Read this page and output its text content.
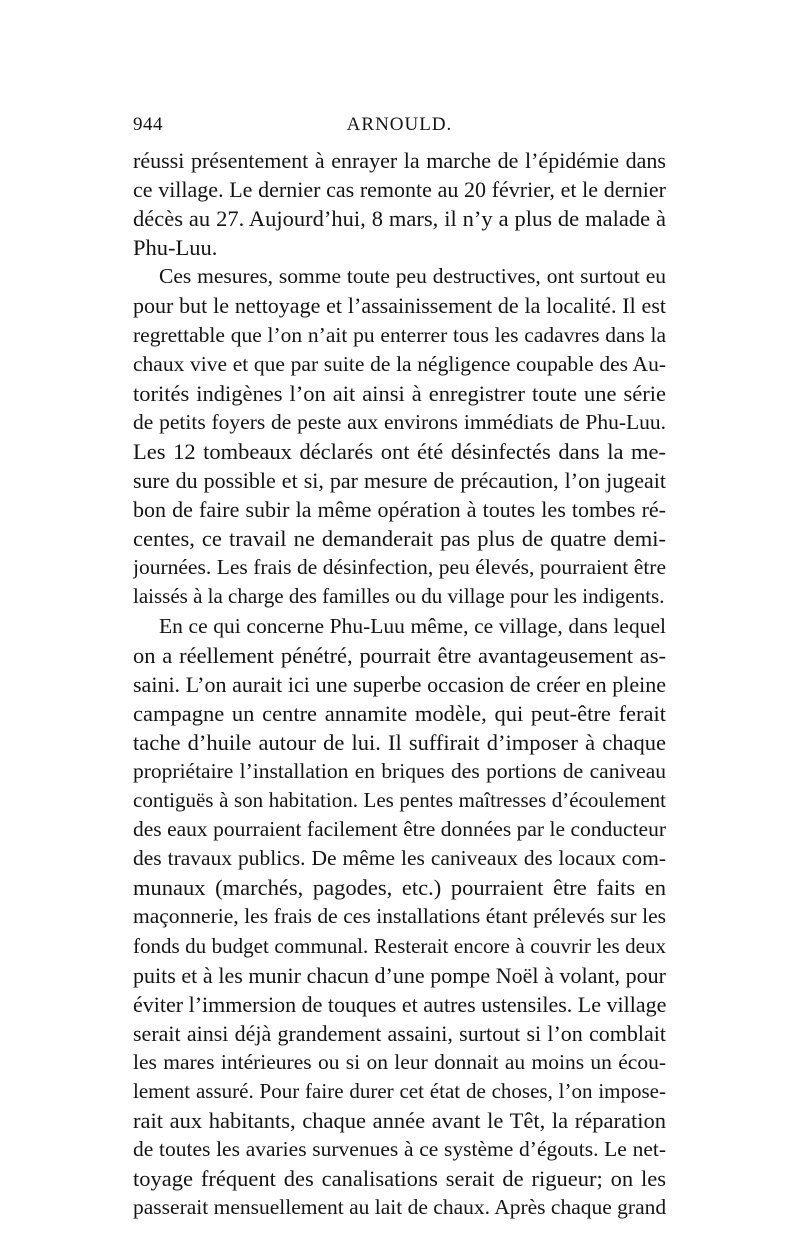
944	ARNOULD.
réussi présentement à enrayer la marche de l’épidémie dans
ce village. Le dernier cas remonte au 20 février, et le dernier
décès au 27. Aujourd’hui, 8 mars, il n’y a plus de malade à
Phu-Luu.
Ces mesures, somme toute peu destructives, ont surtout eu
pour but le nettoyage et l’assainissement de la localité. Il est
regrettable que l’on n’ait pu enterrer tous les cadavres dans la
chaux vive et que par suite de la négligence coupable des Au-
torités indigènes l’on ait ainsi à enregistrer toute une série
de petits foyers de peste aux environs immédiats de Phu-Luu.
Les 12 tombeaux déclarés ont été désinfectés dans la me-
sure du possible et si, par mesure de précaution, l’on jugeait
bon de faire subir la même opération à toutes les tombes ré-
centes, ce travail ne demanderait pas plus de quatre demi-
journées. Les frais de désinfection, peu élevés, pourraient être
laissés à la charge des familles ou du village pour les indigents.
En ce qui concerne Phu-Luu même, ce village, dans lequel
on a réellement pénétré, pourrait être avantageusement as-
saini. L’on aurait ici une superbe occasion de créer en pleine
campagne un centre annamite modèle, qui peut-être ferait
tache d’huile autour de lui. Il suffirait d’imposer à chaque
propriétaire l’installation en briques des portions de caniveau
contiguës à son habitation. Les pentes maîtresses d’écoulement
des eaux pourraient facilement être données par le conducteur
des travaux publics. De même les caniveaux des locaux com-
munaux (marchés, pagodes, etc.) pourraient être faits en
maçonnerie, les frais de ces installations étant prélevés sur les
fonds du budget communal. Resterait encore à couvrir les deux
puits et à les munir chacun d’une pompe Noël à volant, pour
éviter l’immersion de touques et autres ustensiles. Le village
serait ainsi déjà grandement assaini, surtout si l’on comblait
les mares intérieures ou si on leur donnait au moins un écou-
lement assuré. Pour faire durer cet état de choses, l’on impose-
rait aux habitants, chaque année avant le Têt, la réparation
de toutes les avaries survenues à ce système d’égouts. Le net-
toyage fréquent des canalisations serait de rigueur; on les
passerait mensuellement au lait de chaux. Après chaque grand
